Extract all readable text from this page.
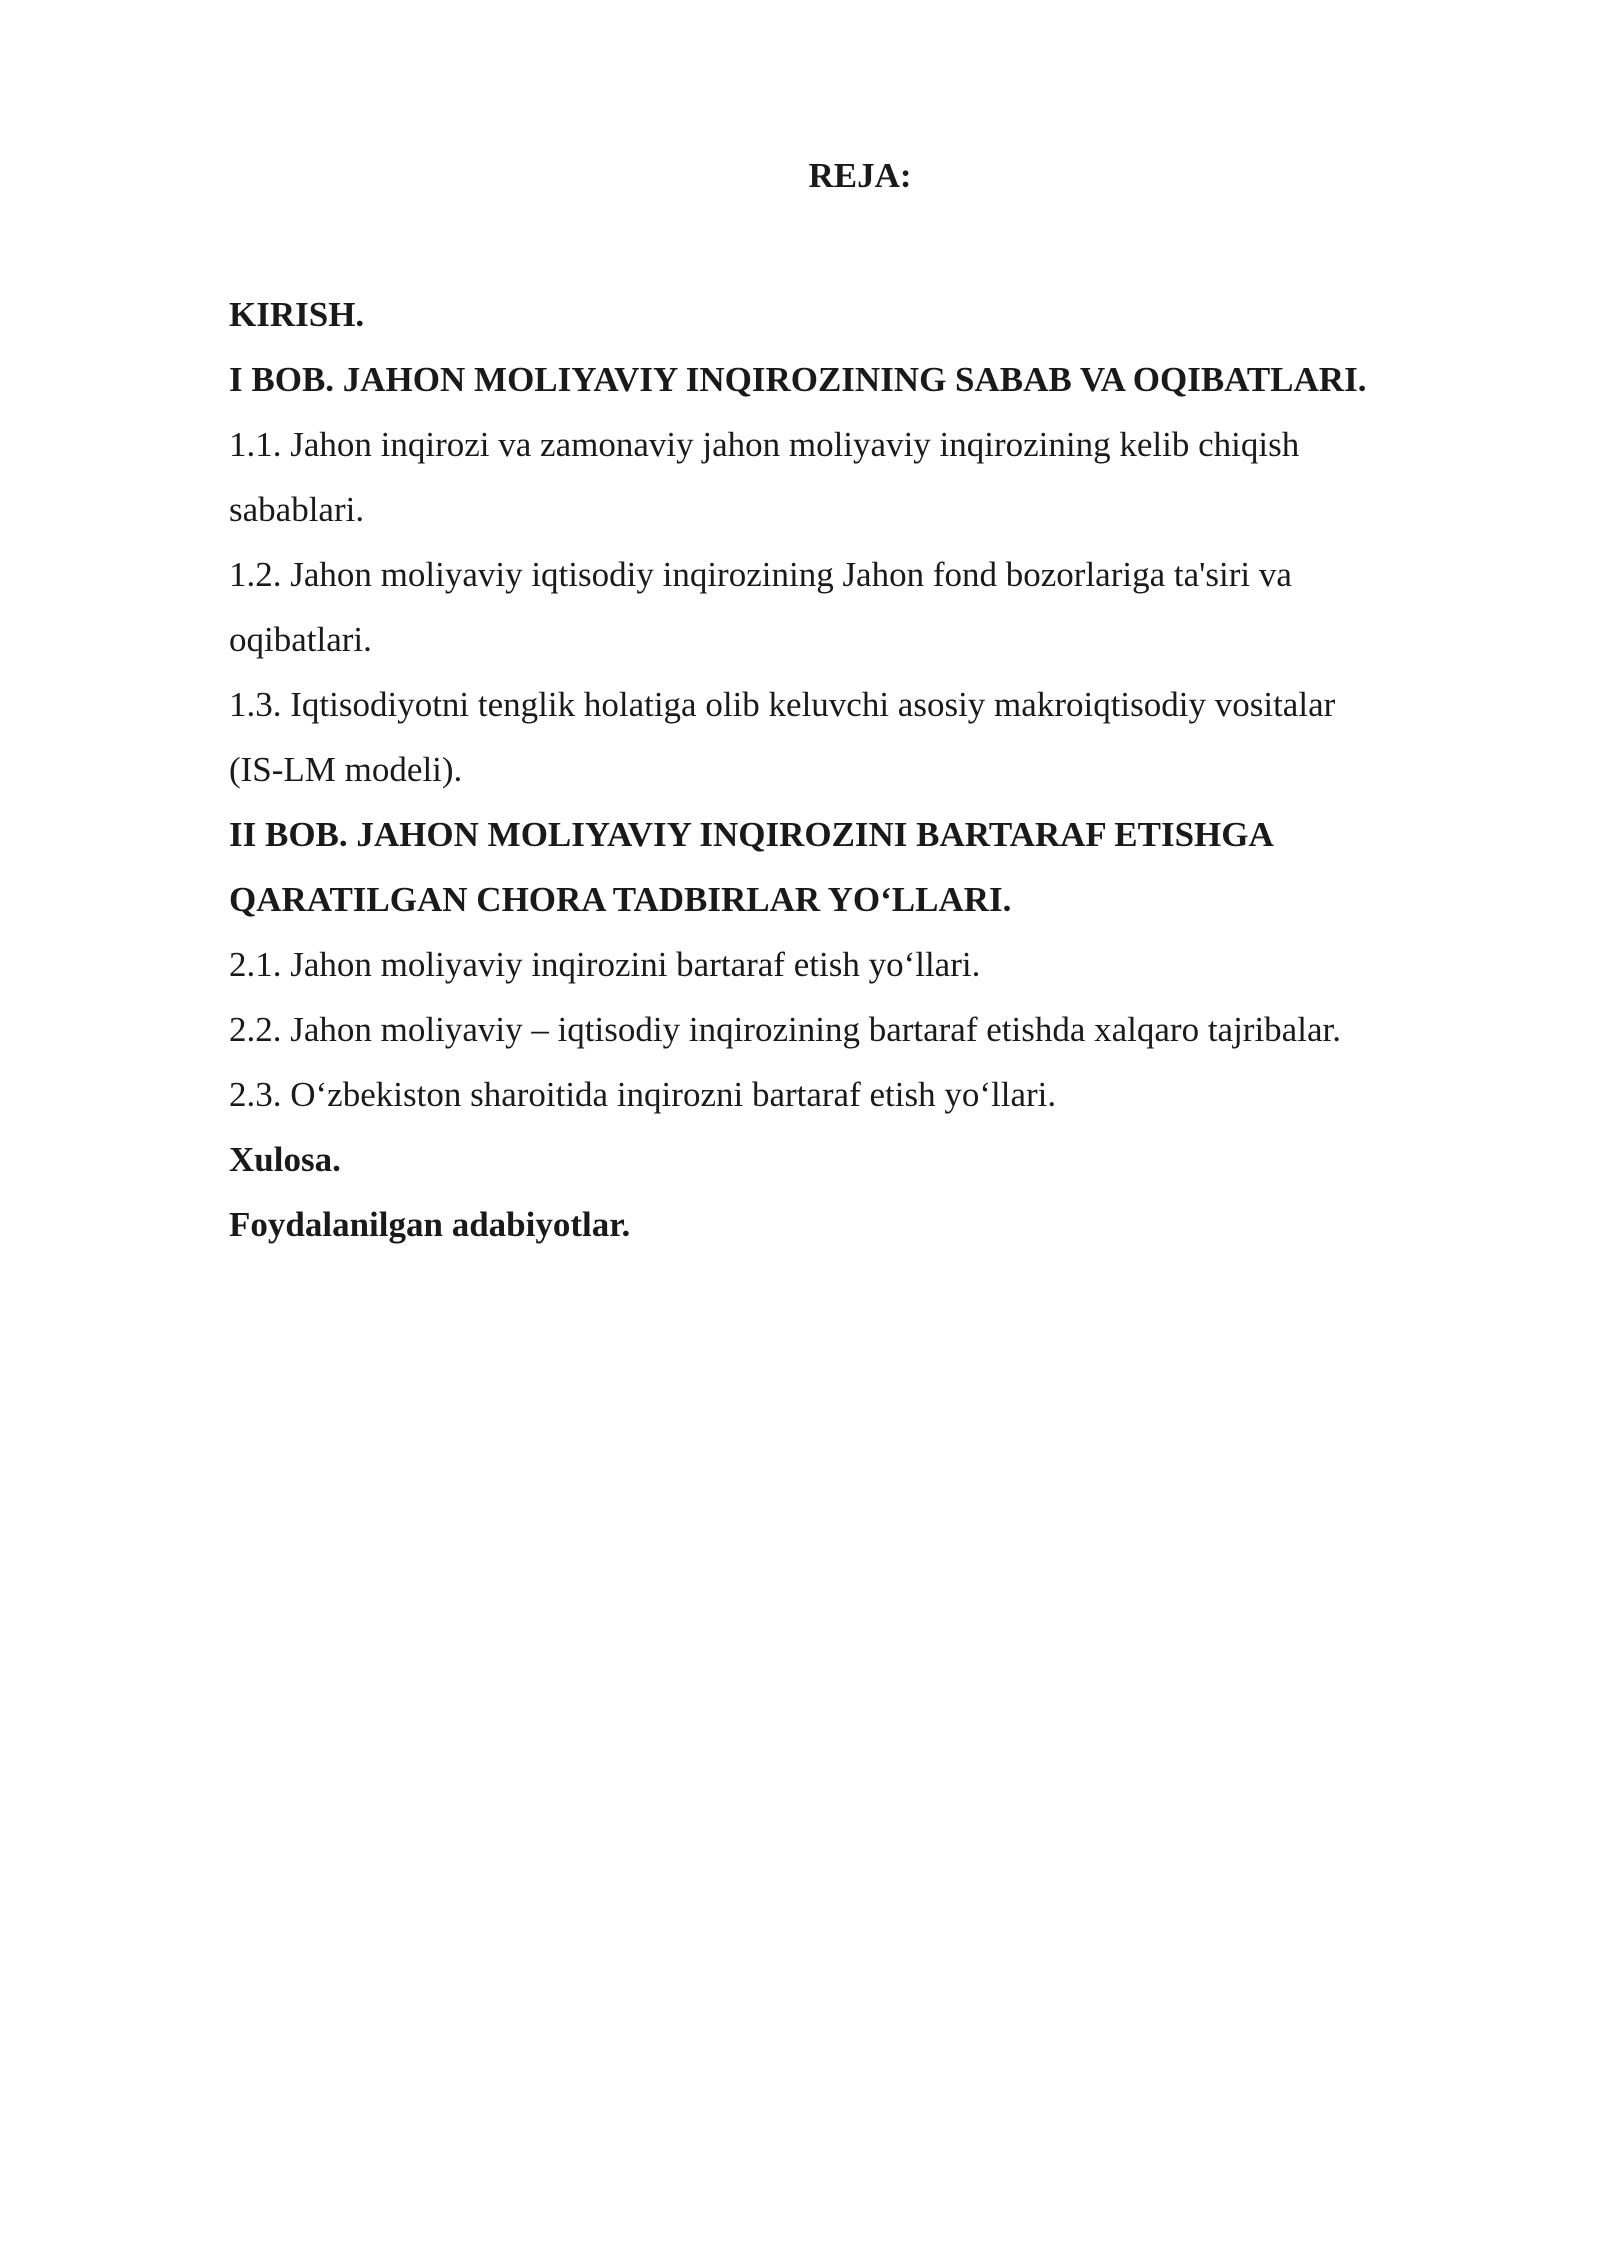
REJA:
KIRISH.
I BOB. JAHON MOLIYAVIY INQIROZINING SABAB VA OQIBATLARI.
1.1. Jahon inqirozi va zamonaviy jahon moliyaviy inqirozining kelib chiqish
sabablari.
1.2. Jahon moliyaviy iqtisodiy inqirozining Jahon fond bozorlariga ta'siri va
oqibatlari.
1.3. Iqtisodiyotni tenglik holatiga olib keluvchi asosiy makroiqtisodiy vositalar
(IS-LM modeli).
II BOB. JAHON MOLIYAVIY INQIROZINI BARTARAF ETISHGA
QARATILGAN CHORA TADBIRLAR YO‘LLARI.
2.1. Jahon moliyaviy inqirozini bartaraf etish yo‘llari.
2.2. Jahon moliyaviy – iqtisodiy inqirozining bartaraf etishda xalqaro tajribalar.
2.3. O‘zbekiston sharoitida inqirozni bartaraf etish yo‘llari.
Xulosa.
Foydalanilgan adabiyotlar.
